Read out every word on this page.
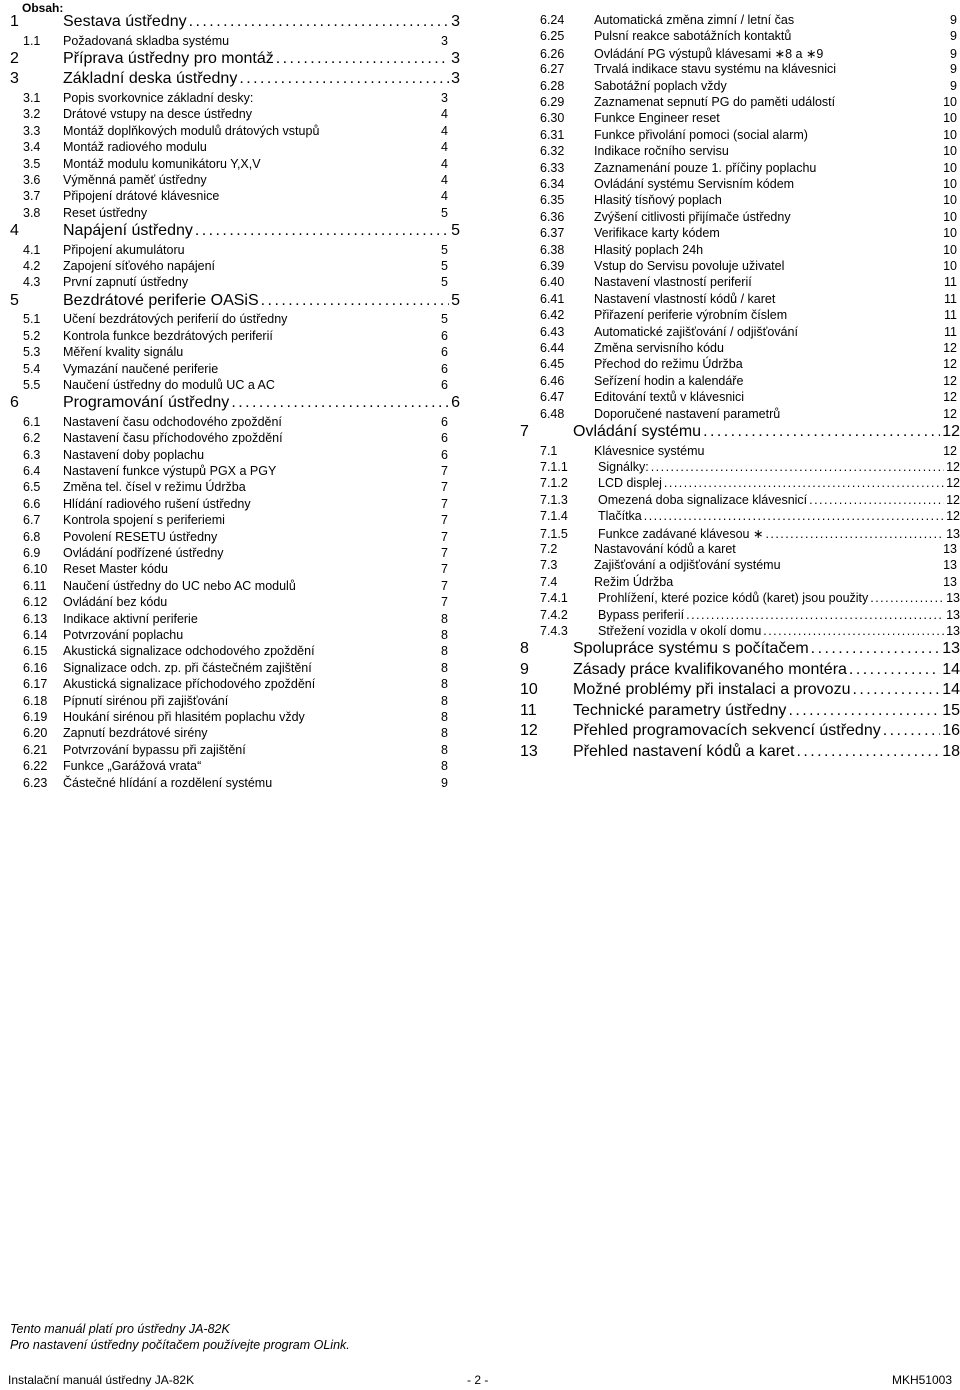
Obsah:
1	Sestava ústředny . . .	3
1.1	Požadovaná skladba systému	3
2	Příprava ústředny pro montáž . . .	3
3	Základní deska ústředny . . .	3
3.1	Popis svorkovnice základní desky:	3
3.2	Drátové vstupy na desce ústředny	4
3.3	Montáž doplňkových modulů drátových vstupů	4
3.4	Montáž radiového modulu	4
3.5	Montáž modulu komunikátoru Y,X,V	4
3.6	Výměnná paměť ústředny	4
3.7	Připojení drátové klávesnice	4
3.8	Reset ústředny	5
4	Napájení ústředny . . .	5
4.1	Připojení akumulátoru	5
4.2	Zapojení síťového napájení	5
4.3	První zapnutí ústředny	5
5	Bezdrátové periferie OASiS . . .	5
5.1	Učení bezdrátových periferií do ústředny	5
5.2	Kontrola funkce bezdrátových periferií	6
5.3	Měření kvality signálu	6
5.4	Vymazání naučené periferie	6
5.5	Naučení ústředny do modulů UC a AC	6
6	Programování ústředny . . .	6
6.1	Nastavení času odchodového zpoždění	6
6.2	Nastavení času příchodového zpoždění	6
6.3	Nastavení doby poplachu	6
6.4	Nastavení funkce výstupů PGX a PGY	7
6.5	Změna tel. čísel v režimu Údržba	7
6.6	Hlídání radiového rušení ústředny	7
6.7	Kontrola spojení s periferiemi	7
6.8	Povolení RESETU ústředny	7
6.9	Ovládání podřízené ústředny	7
6.10	Reset Master kódu	7
6.11	Naučení ústředny do UC nebo AC modulů	7
6.12	Ovládání bez kódu	7
6.13	Indikace aktivní periferie	8
6.14	Potvrzování poplachu	8
6.15	Akustická signalizace odchodového zpoždění	8
6.16	Signalizace odch. zp. při částečném zajištění	8
6.17	Akustická signalizace příchodového zpoždění	8
6.18	Pípnutí sirénou při zajišťování	8
6.19	Houkání sirénou při hlasitém poplachu vždy	8
6.20	Zapnutí bezdrátové sirény	8
6.21	Potvrzování bypassu při zajištění	8
6.22	Funkce „Garážová vrata“	8
6.23	Částečné hlídání a rozdělení systému	9
6.24	Automatická změna zimní / letní čas	9
6.25	Pulsní reakce sabotážních kontaktů	9
6.26	Ovládání PG výstupů klávesami ∗8 a ∗9	9
6.27	Trvalá indikace stavu systému na klávesnici	9
6.28	Sabotážní poplach vždy	9
6.29	Zaznamenat sepnutí PG do paměti událostí	10
6.30	Funkce Engineer reset	10
6.31	Funkce přivolání pomoci (social alarm)	10
6.32	Indikace ročního servisu	10
6.33	Zaznamenání pouze 1. příčiny poplachu	10
6.34	Ovládání systému Servisním kódem	10
6.35	Hlasitý tísňový poplach	10
6.36	Zvýšení citlivosti přijímače ústředny	10
6.37	Verifikace karty kódem	10
6.38	Hlasitý poplach 24h	10
6.39	Vstup do Servisu povoluje uživatel	10
6.40	Nastavení vlastností periferií	11
6.41	Nastavení vlastností kódů / karet	11
6.42	Přiřazení periferie výrobním číslem	11
6.43	Automatické zajišťování / odjišťování	11
6.44	Změna servisního kódu	12
6.45	Přechod do režimu Údržba	12
6.46	Seřízení hodin a kalendáře	12
6.47	Editování textů v klávesnici	12
6.48	Doporučené nastavení parametrů	12
7	Ovládání systému . . .	12
7.1	Klávesnice systému	12
7.1.1	Signálky: . . .	12
7.1.2	LCD displej . . .	12
7.1.3	Omezená doba signalizace klávesnicí . . .	12
7.1.4	Tlačítka . . .	12
7.1.5	Funkce zadávané klávesou ∗ . . .	13
7.2	Nastavování kódů a karet	13
7.3	Zajišťování a odjišťování systému	13
7.4	Režim Údržba	13
7.4.1	Prohlížení, které pozice kódů (karet) jsou použity . . .	13
7.4.2	Bypass periferií . . .	13
7.4.3	Střežení vozidla v okolí domu . . .	13
8	Spolupráce systému s počítačem . . .	13
9	Zásady práce kvalifikovaného montéra . . .	14
10	Možné problémy při instalaci a provozu . . .	14
11	Technické parametry ústředny . . .	15
12	Přehled programovacích sekvencí ústředny . . .	16
13	Přehled nastavení kódů a karet . . .	18
Tento manuál platí pro ústředny JA-82K
Pro nastavení ústředny počítačem používejte program OLink.
Instalační manuál ústředny JA-82K	- 2 -	MKH51003
